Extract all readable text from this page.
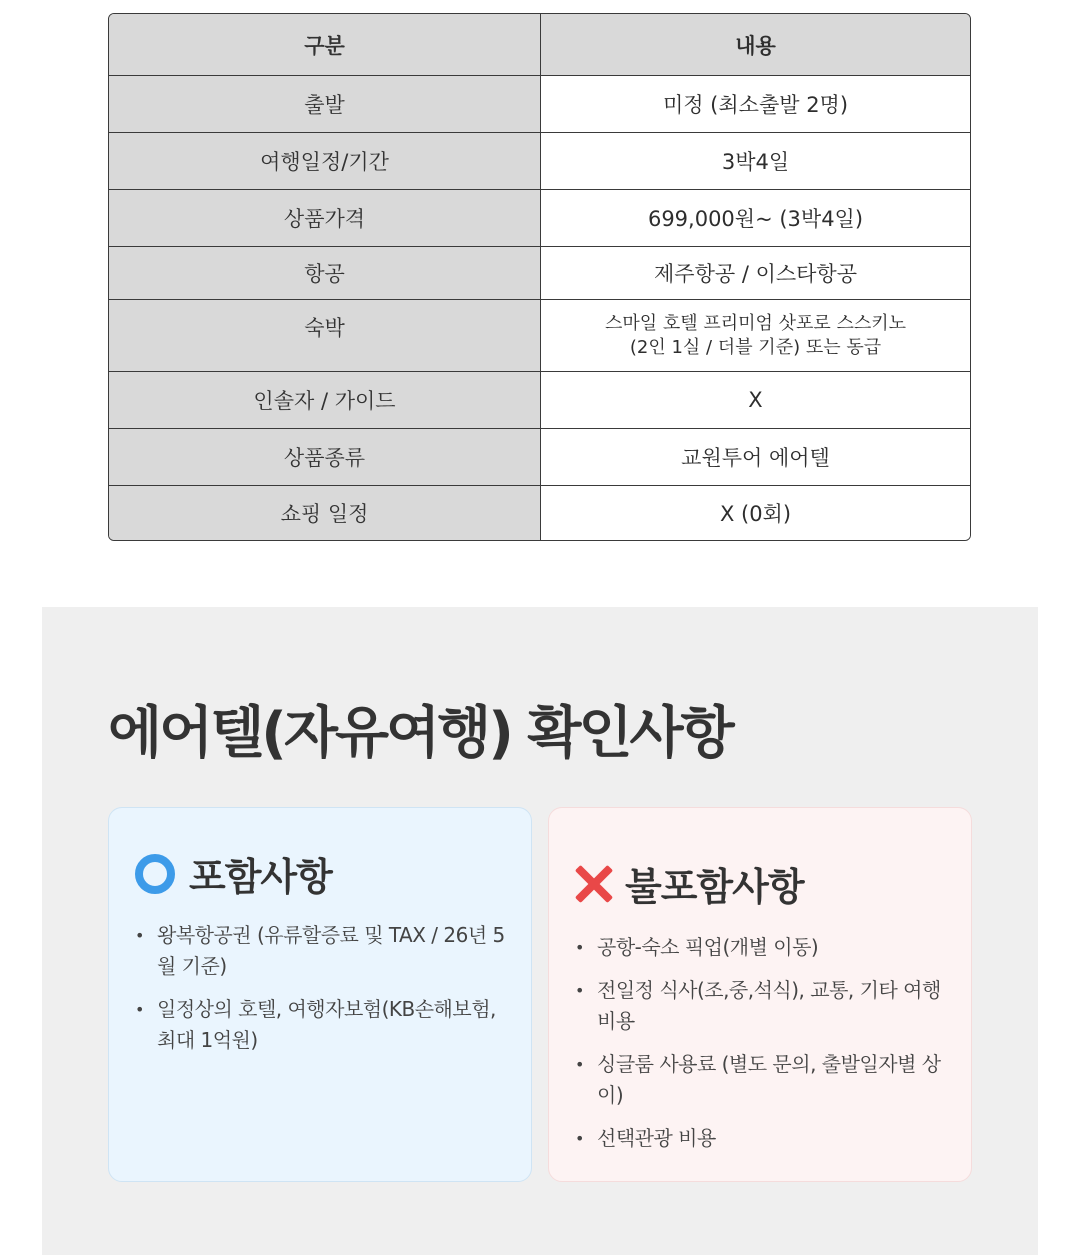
구분	내용
출발	미정 (최소출발 2명)
여행일정/기간	3박4일
상품가격	699,000원~ (3박4일)
항공	제주항공 / 이스타항공
숙박	스마일 호텔 프리미엄 삿포로 스스키노
(2인 1실 / 더블 기준) 또는 동급
인솔자 / 가이드	X
상품종류	교원투어 에어텔
쇼핑 일정	X (0회)
에어텔(자유여행) 확인사항
포함사항
• 왕복항공권 (유류할증료 및 TAX / 26년 5월 기준)
• 일정상의 호텔, 여행자보험(KB손해보험, 최대 1억원)
불포함사항
• 공항-숙소 픽업(개별 이동)
• 전일정 식사(조,중,석식), 교통, 기타 여행 비용
• 싱글룸 사용료 (별도 문의, 출발일자별 상이)
• 선택관광 비용
